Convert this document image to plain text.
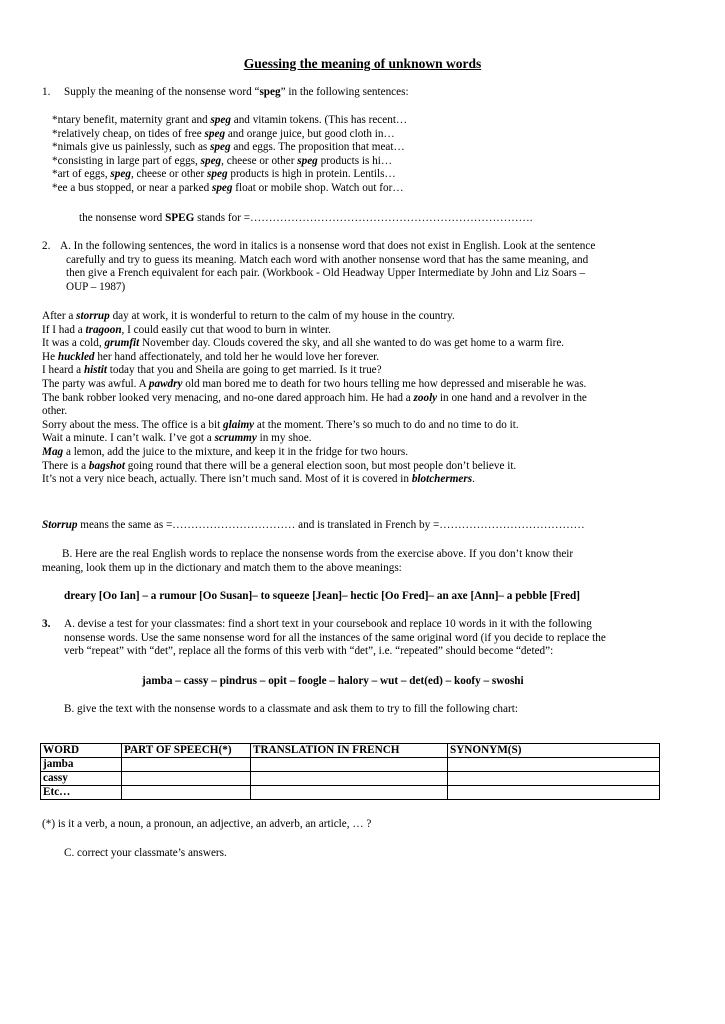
Guessing the meaning of unknown words
1. Supply the meaning of the nonsense word “speg” in the following sentences:
*ntary benefit, maternity grant and speg and vitamin tokens. (This has recent…
*relatively cheap, on tides of free speg and orange juice, but good cloth in…
*nimals give us painlessly, such as speg and eggs. The proposition that meat…
*consisting in large part of eggs, speg, cheese or other speg products is hi…
*art of eggs, speg, cheese or other speg products is high in protein. Lentils…
*ee a bus stopped, or near a parked speg float or mobile shop. Watch out for…
the nonsense word SPEG stands for =………………………………………………………………….
2. A. In the following sentences, the word in italics is a nonsense word that does not exist in English. Look at the sentence
carefully and try to guess its meaning. Match each word with another nonsense word that has the same meaning, and
then give a French equivalent for each pair. (Workbook - Old Headway Upper Intermediate by John and Liz Soars –
OUP – 1987)
After a storrup day at work, it is wonderful to return to the calm of my house in the country.
If I had a tragoon, I could easily cut that wood to burn in winter.
It was a cold, grumfit November day. Clouds covered the sky, and all she wanted to do was get home to a warm fire.
He huckled her hand affectionately, and told her he would love her forever.
I heard a histit today that you and Sheila are going to get married. Is it true?
The party was awful. A pawdry old man bored me to death for two hours telling me how depressed and miserable he was.
The bank robber looked very menacing, and no-one dared approach him. He had a zooly in one hand and a revolver in the
other.
Sorry about the mess. The office is a bit glaimy at the moment. There’s so much to do and no time to do it.
Wait a minute. I can’t walk. I’ve got a scrummy in my shoe.
Mag a lemon, add the juice to the mixture, and keep it in the fridge for two hours.
There is a bagshot going round that there will be a general election soon, but most people don’t believe it.
It’s not a very nice beach, actually. There isn’t much sand. Most of it is covered in blotchermers.
Storrup means the same as =…………………………… and is translated in French by =…………………………………
B. Here are the real English words to replace the nonsense words from the exercise above. If you don’t know their
meaning, look them up in the dictionary and match them to the above meanings:
dreary [Oo Ian] – a rumour [Oo Susan]– to squeeze [Jean]– hectic [Oo Fred]– an axe [Ann]– a pebble [Fred]
3. A. devise a test for your classmates: find a short text in your coursebook and replace 10 words in it with the following
nonsense words. Use the same nonsense word for all the instances of the same original word (if you decide to replace the
verb “repeat” with “det”, replace all the forms of this verb with “det”, i.e. “repeated” should become “deted”:
jamba – cassy – pindrus – opit – foogle – halory – wut – det(ed) – koofy – swoshi
B. give the text with the nonsense words to a classmate and ask them to try to fill the following chart:
WORD	PART OF SPEECH(*)	TRANSLATION IN FRENCH	SYNONYM(S)
jamba			
cassy			
Etc…			
(*) is it a verb, a noun, a pronoun, an adjective, an adverb, an article, … ?
C. correct your classmate’s answers.
